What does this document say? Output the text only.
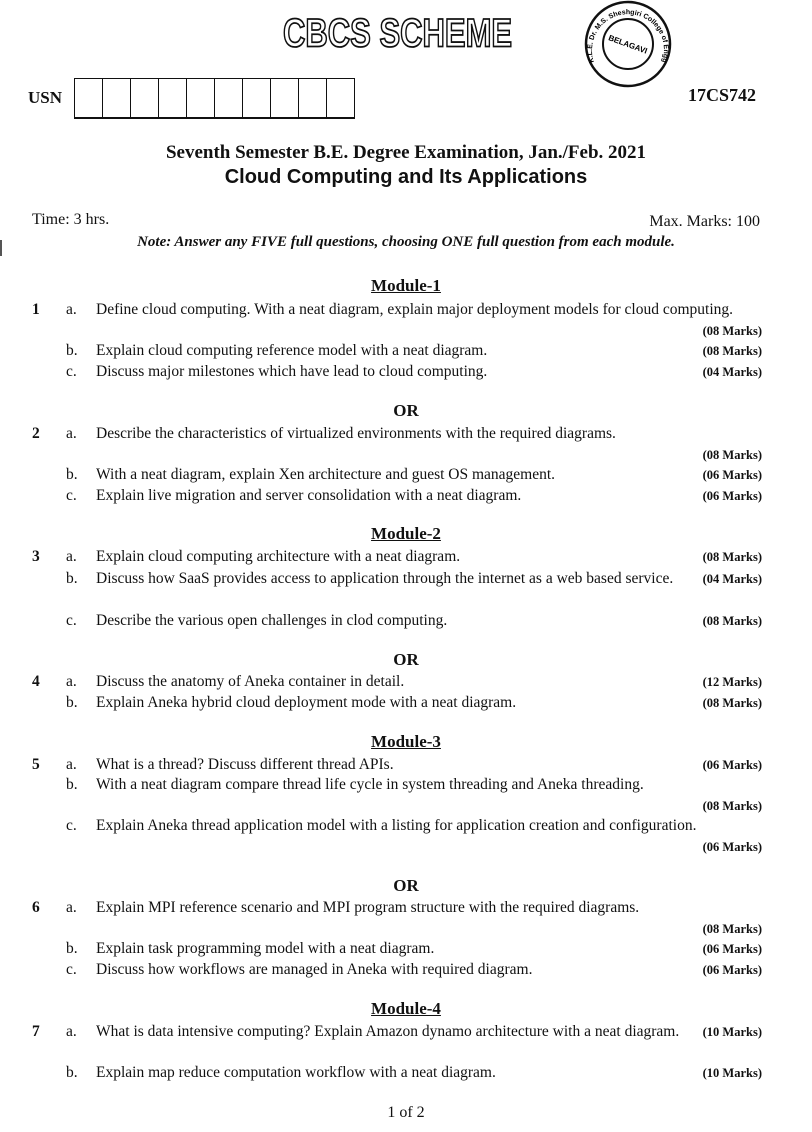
CBCS SCHEME	BELAGAVI
K.L.E. Dr. M.S. Sheshgiri College of Engg
USN	17CS742
Seventh Semester B.E. Degree Examination, Jan./Feb. 2021
Cloud Computing and Its Applications
Time: 3 hrs.	Max. Marks: 100
Note: Answer any FIVE full questions, choosing ONE full question from each module.
Module-1
1 a. Define cloud computing. With a neat diagram, explain major deployment models for cloud computing.
(08 Marks)
b. Explain cloud computing reference model with a neat diagram.	(08 Marks)
c. Discuss major milestones which have lead to cloud computing.	(04 Marks)
OR
2 a. Describe the characteristics of virtualized environments with the required diagrams.
(08 Marks)
b. With a neat diagram, explain Xen architecture and guest OS management.	(06 Marks)
c. Explain live migration and server consolidation with a neat diagram.	(06 Marks)
Module-2
3 a. Explain cloud computing architecture with a neat diagram.	(08 Marks)
b. Discuss how SaaS provides access to application through the internet as a web based service. (04 Marks)
c. Describe the various open challenges in clod computing.	(08 Marks)
OR
4 a. Discuss the anatomy of Aneka container in detail.	(12 Marks)
b. Explain Aneka hybrid cloud deployment mode with a neat diagram.	(08 Marks)
Module-3
5 a. What is a thread? Discuss different thread APIs.	(06 Marks)
b. With a neat diagram compare thread life cycle in system threading and Aneka threading.
(08 Marks)
c. Explain Aneka thread application model with a listing for application creation and configuration.
(06 Marks)
OR
6 a. Explain MPI reference scenario and MPI program structure with the required diagrams.
(08 Marks)
b. Explain task programming model with a neat diagram.	(06 Marks)
c. Discuss how workflows are managed in Aneka with required diagram.	(06 Marks)
Module-4
7 a. What is data intensive computing? Explain Amazon dynamo architecture with a neat diagram. (10 Marks)
b. Explain map reduce computation workflow with a neat diagram.	(10 Marks)
1 of 2
